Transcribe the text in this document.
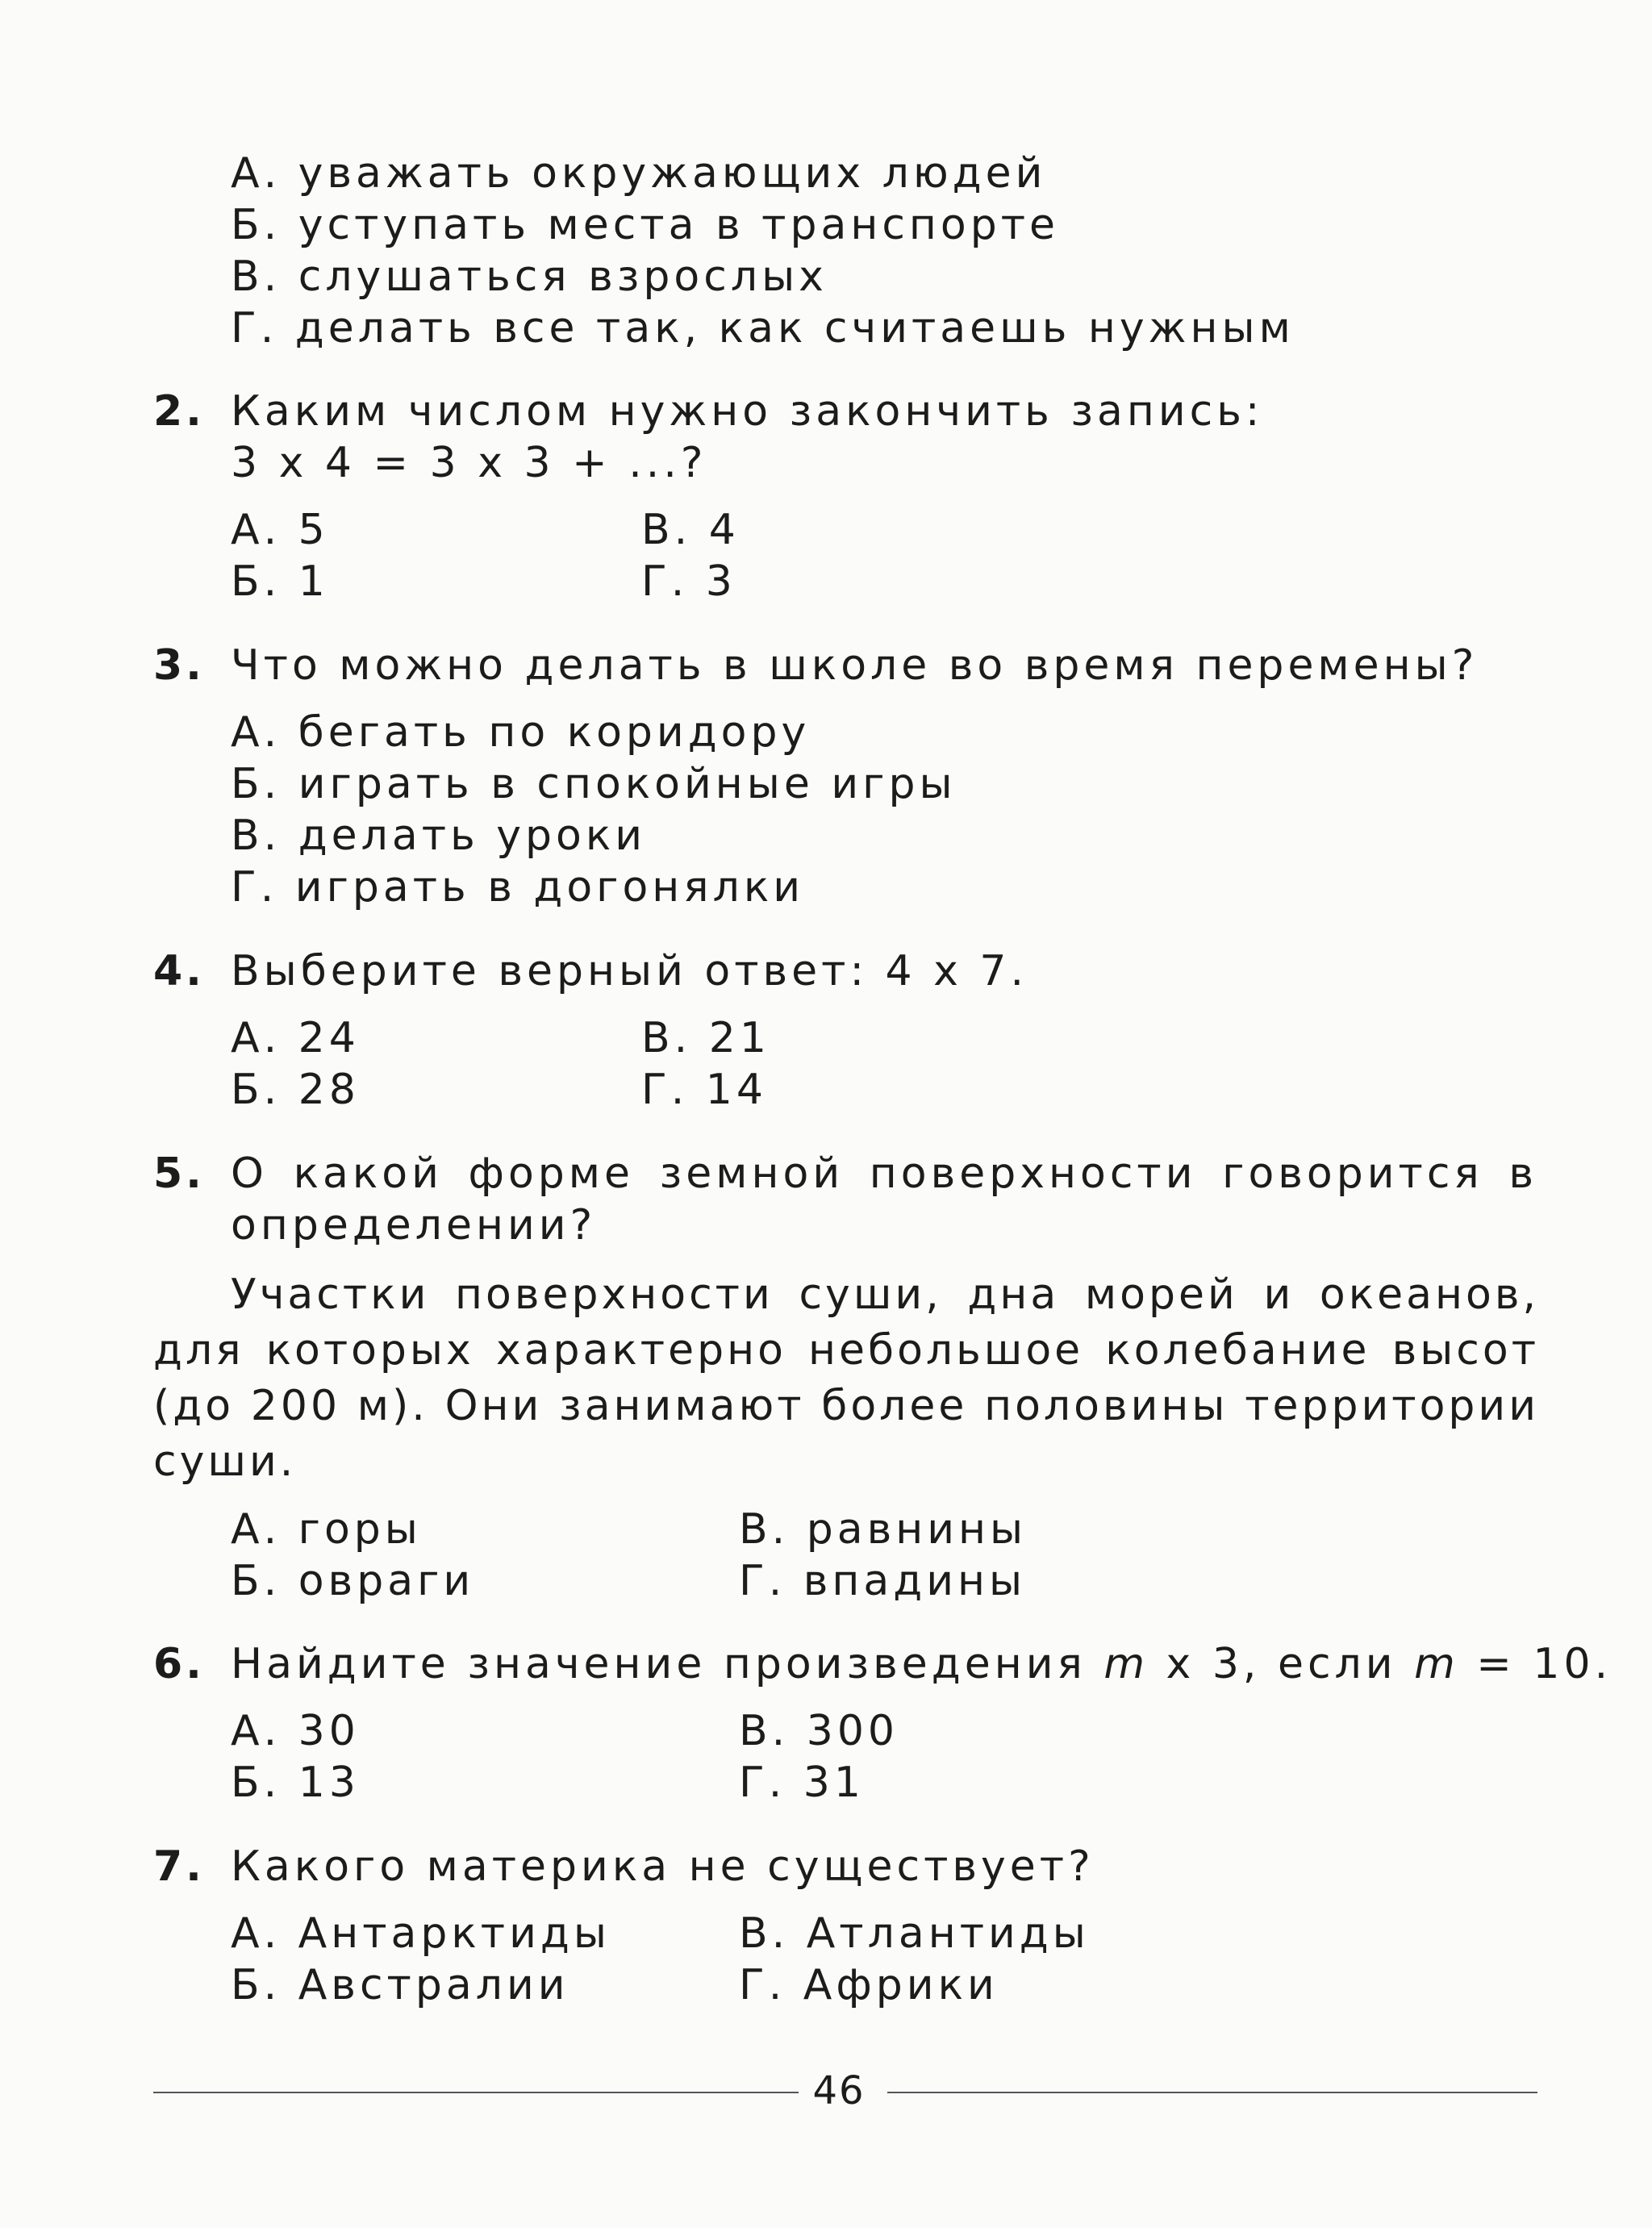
А. уважать окружающих людей
Б. уступать места в транспорте
В. слушаться взрослых
Г. делать все так, как считаешь нужным
2. Каким числом нужно закончить запись:
3 х 4 = 3 х 3 + ...?
А. 5
Б. 1
В. 4
Г. 3
3. Что можно делать в школе во время перемены?
А. бегать по коридору
Б. играть в спокойные игры
В. делать уроки
Г. играть в догонялки
4. Выберите верный ответ: 4 х 7.
А. 24
Б. 28
В. 21
Г. 14
5. О какой форме земной поверхности говорится в определении?
Участки поверхности суши, дна морей и океанов, для которых характерно небольшое колебание высот (до 200 м). Они занимают более половины территории суши.
А. горы
Б. овраги
В. равнины
Г. впадины
6. Найдите значение произведения m х 3, если m = 10.
А. 30
Б. 13
В. 300
Г. 31
7. Какого материка не существует?
А. Антарктиды
Б. Австралии
В. Атлантиды
Г. Африки
46
